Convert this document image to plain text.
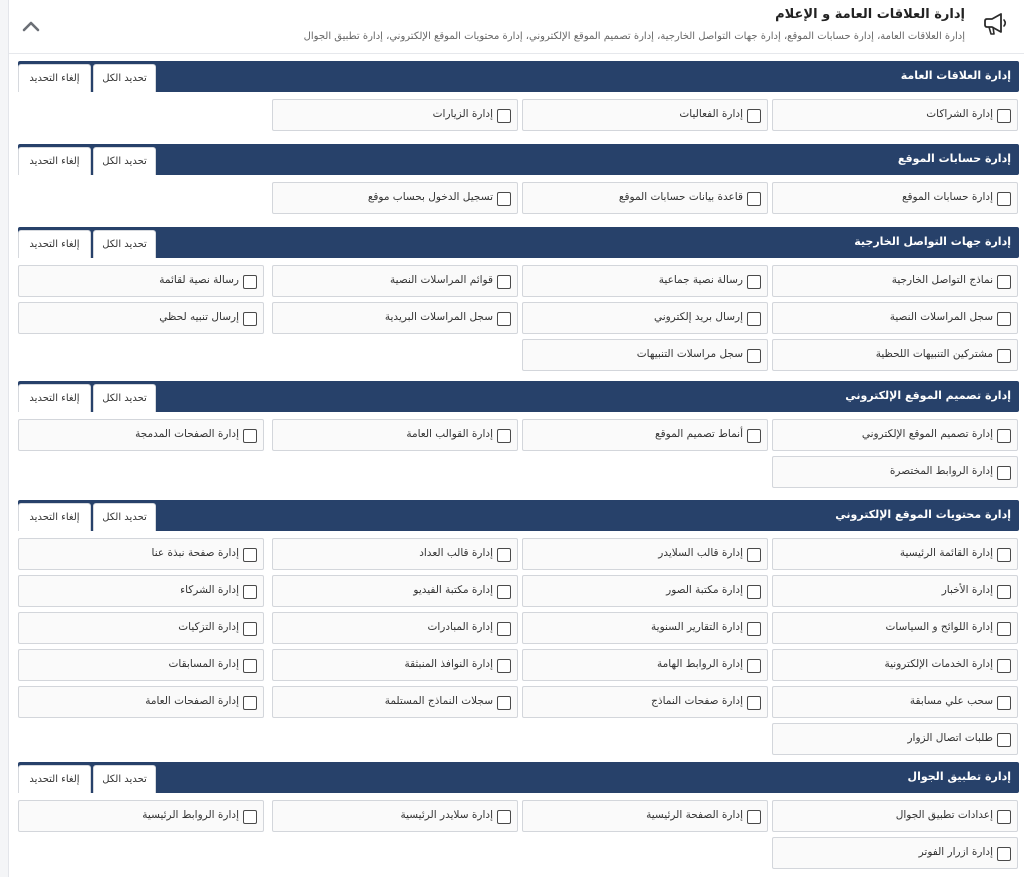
إدارة العلاقات العامة و الإعلام
إدارة العلاقات العامة، إدارة حسابات الموقع، إدارة جهات التواصل الخارجية، إدارة تصميم الموقع الإلكتروني، إدارة محتويات الموقع الإلكتروني، إدارة تطبيق الجوال
إدارة العلاقات العامة
إلغاء التحديد	تحديد الكل
إدارة الشراكات
إدارة الفعاليات
إدارة الزيارات
إدارة حسابات الموقع
إلغاء التحديد	تحديد الكل
إدارة حسابات الموقع
قاعدة بيانات حسابات الموقع
تسجيل الدخول بحساب موقع
إدارة جهات التواصل الخارجية
إلغاء التحديد	تحديد الكل
نماذج التواصل الخارجية
رسالة نصية جماعية
قوائم المراسلات النصية
رسالة نصية لقائمة
سجل المراسلات النصية
إرسال بريد إلكتروني
سجل المراسلات البريدية
إرسال تنبيه لحظي
مشتركين التنبيهات اللحظية
سجل مراسلات التنبيهات
إدارة تصميم الموقع الإلكتروني
إلغاء التحديد	تحديد الكل
إدارة تصميم الموقع الإلكتروني
أنماط تصميم الموقع
إدارة القوالب العامة
إدارة الصفحات المدمجة
إدارة الروابط المختصرة
إدارة محتويات الموقع الإلكتروني
إلغاء التحديد	تحديد الكل
إدارة القائمة الرئيسية
إدارة قالب السلايدر
إدارة قالب العداد
إدارة صفحة نبذة عنا
إدارة الأخبار
إدارة مكتبة الصور
إدارة مكتبة الفيديو
إدارة الشركاء
إدارة اللوائح و السياسات
إدارة التقارير السنوية
إدارة المبادرات
إدارة التزكيات
إدارة الخدمات الإلكترونية
إدارة الروابط الهامة
إدارة النوافذ المنبثقة
إدارة المسابقات
سحب علي مسابقة
إدارة صفحات النماذج
سجلات النماذج المستلمة
إدارة الصفحات العامة
طلبات اتصال الزوار
إدارة تطبيق الجوال
إلغاء التحديد	تحديد الكل
إعدادات تطبيق الجوال
إدارة الصفحة الرئيسية
إدارة سلايدر الرئيسية
إدارة الروابط الرئيسية
إدارة ازرار الفوتر
